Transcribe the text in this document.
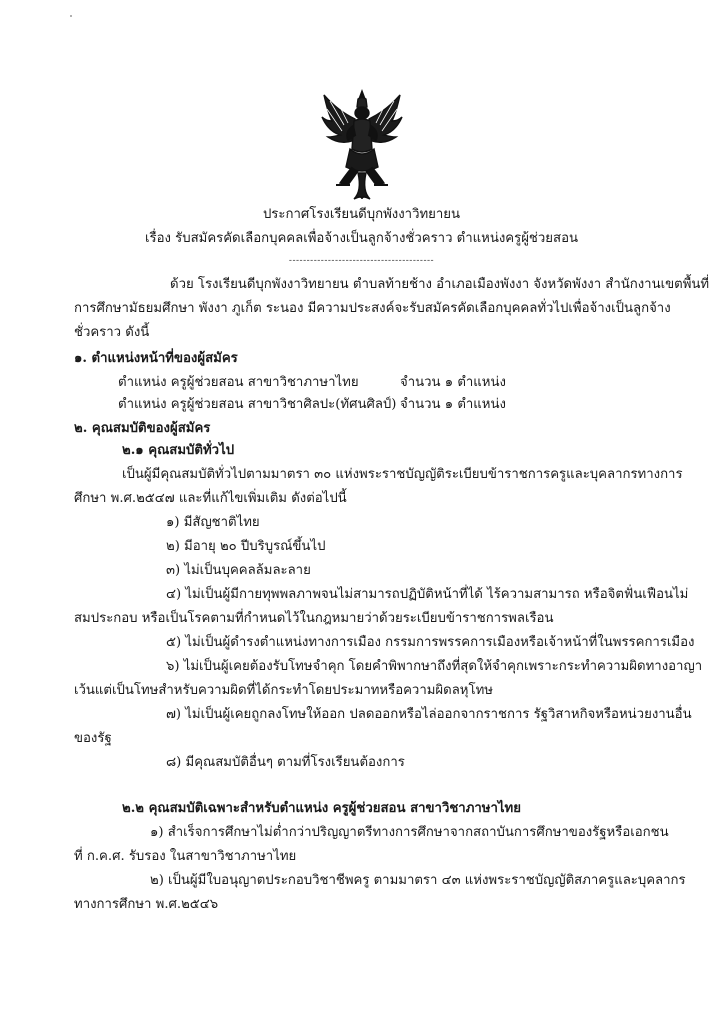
ประกาศโรงเรียนดีบุกพังงาวิทยายน
เรื่อง รับสมัครคัดเลือกบุคคลเพื่อจ้างเป็นลูกจ้างชั่วคราว ตำแหน่งครูผู้ช่วยสอน
-----------------------------------------
ด้วย โรงเรียนดีบุกพังงาวิทยายน ตำบลท้ายช้าง อำเภอเมืองพังงา จังหวัดพังงา สำนักงานเขตพื้นที่
การศึกษามัธยมศึกษา พังงา ภูเก็ต ระนอง มีความประสงค์จะรับสมัครคัดเลือกบุคคลทั่วไปเพื่อจ้างเป็นลูกจ้าง
ชั่วคราว ดังนี้
๑. ตำแหน่งหน้าที่ของผู้สมัคร
ตำแหน่ง ครูผู้ช่วยสอน สาขาวิชาภาษาไทย	จำนวน ๑ ตำแหน่ง
ตำแหน่ง ครูผู้ช่วยสอน สาขาวิชาศิลปะ(ทัศนศิลป์) จำนวน ๑ ตำแหน่ง
๒. คุณสมบัติของผู้สมัคร
๒.๑ คุณสมบัติทั่วไป
เป็นผู้มีคุณสมบัติทั่วไปตามมาตรา ๓๐ แห่งพระราชบัญญัติระเบียบข้าราชการครูและบุคลากรทางการ
ศึกษา พ.ศ.๒๕๔๗ และที่แก้ไขเพิ่มเติม ดังต่อไปนี้
๑) มีสัญชาติไทย
๒) มีอายุ ๒๐ ปีบริบูรณ์ขึ้นไป
๓) ไม่เป็นบุคคลล้มละลาย
๔) ไม่เป็นผู้มีกายทุพพลภาพจนไม่สามารถปฏิบัติหน้าที่ได้ ไร้ความสามารถ หรือจิตฟั่นเฟือนไม่
สมประกอบ หรือเป็นโรคตามที่กำหนดไว้ในกฎหมายว่าด้วยระเบียบข้าราชการพลเรือน
๕) ไม่เป็นผู้ดำรงตำแหน่งทางการเมือง กรรมการพรรคการเมืองหรือเจ้าหน้าที่ในพรรคการเมือง
๖) ไม่เป็นผู้เคยต้องรับโทษจำคุก โดยคำพิพากษาถึงที่สุดให้จำคุกเพราะกระทำความผิดทางอาญา
เว้นแต่เป็นโทษสำหรับความผิดที่ได้กระทำโดยประมาทหรือความผิดลหุโทษ
๗) ไม่เป็นผู้เคยถูกลงโทษให้ออก ปลดออกหรือไล่ออกจากราชการ รัฐวิสาหกิจหรือหน่วยงานอื่น
ของรัฐ
๘) มีคุณสมบัติอื่นๆ ตามที่โรงเรียนต้องการ
๒.๒ คุณสมบัติเฉพาะสำหรับตำแหน่ง ครูผู้ช่วยสอน สาขาวิชาภาษาไทย
๑) สำเร็จการศึกษาไม่ต่ำกว่าปริญญาตรีทางการศึกษาจากสถาบันการศึกษาของรัฐหรือเอกชน
ที่ ก.ค.ศ. รับรอง ในสาขาวิชาภาษาไทย
๒) เป็นผู้มีใบอนุญาตประกอบวิชาชีพครู ตามมาตรา ๔๓ แห่งพระราชบัญญัติสภาครูและบุคลากร
ทางการศึกษา พ.ศ.๒๕๔๖
